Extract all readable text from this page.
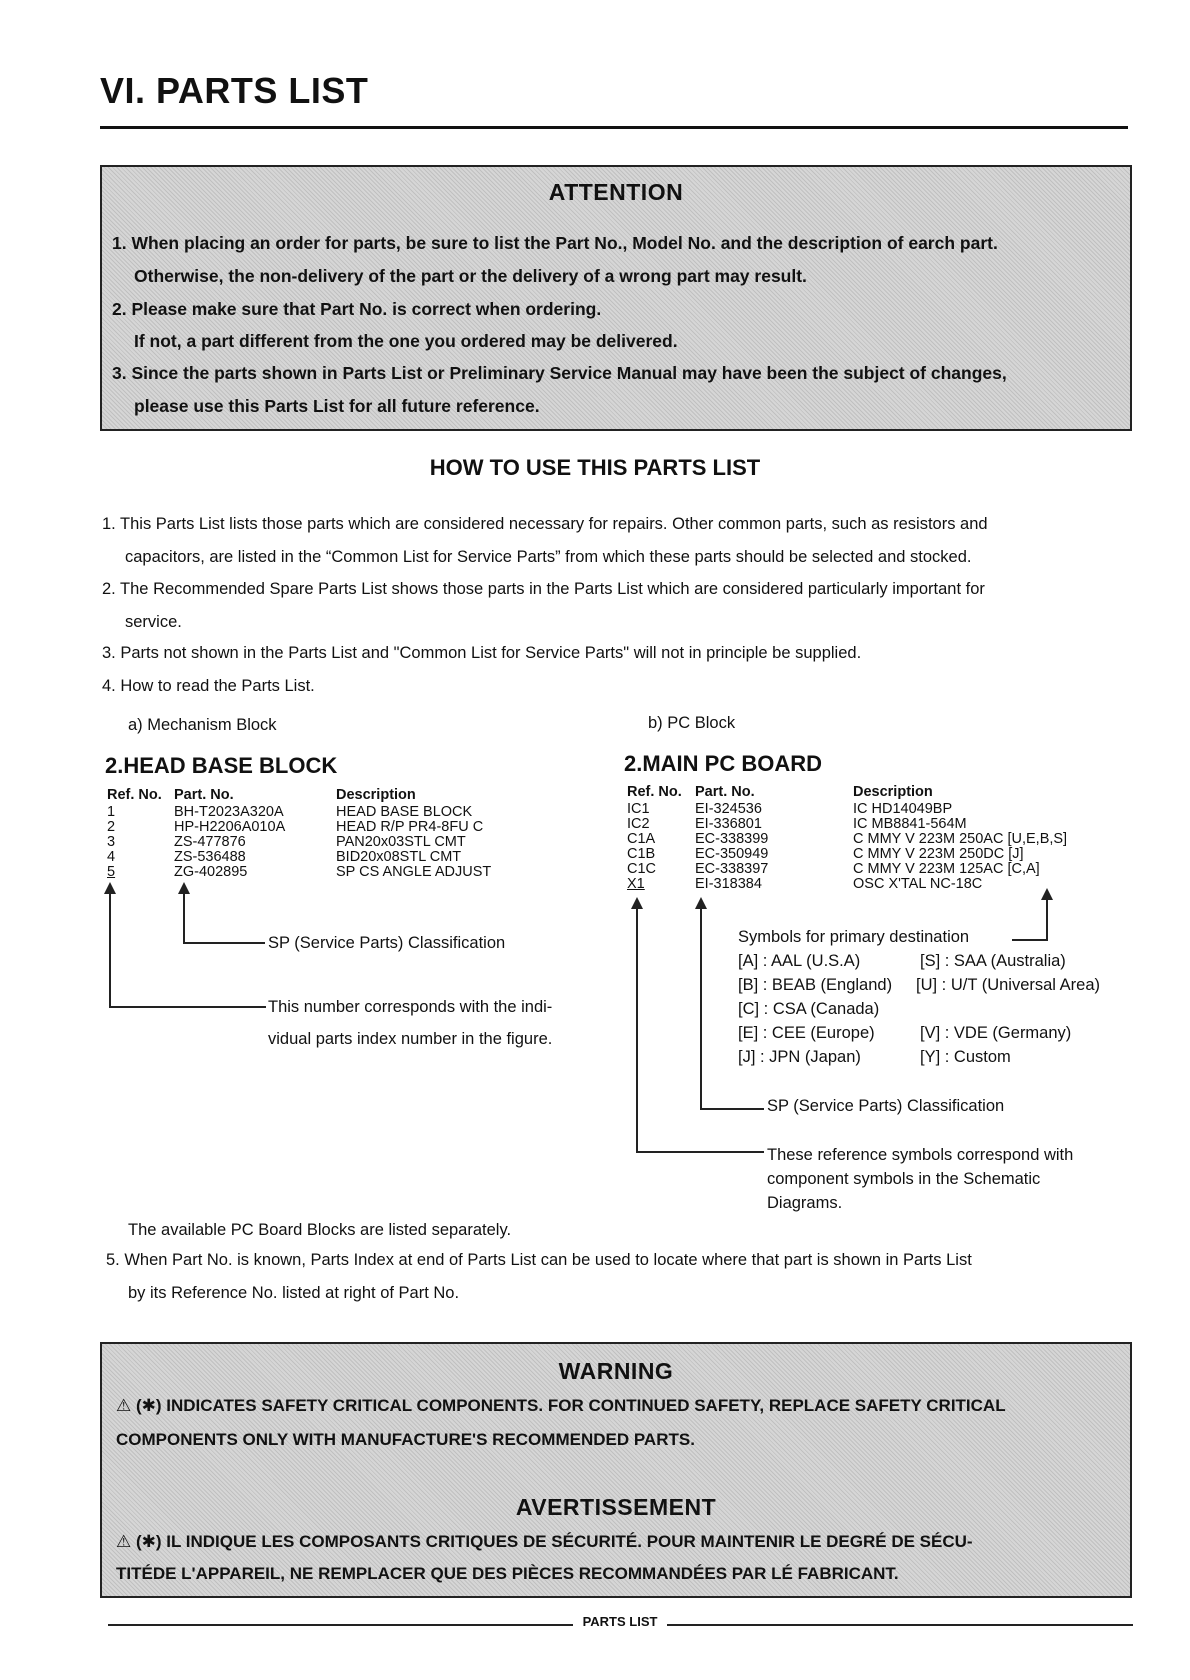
VI. PARTS LIST
ATTENTION
1. When placing an order for parts, be sure to list the Part No., Model No. and the description of earch part.
Otherwise, the non-delivery of the part or the delivery of a wrong part may result.
2. Please make sure that Part No. is correct when ordering.
If not, a part different from the one you ordered may be delivered.
3. Since the parts shown in Parts List or Preliminary Service Manual may have been the subject of changes,
please use this Parts List for all future reference.
HOW TO USE THIS PARTS LIST
1. This Parts List lists those parts which are considered necessary for repairs. Other common parts, such as resistors and
capacitors, are listed in the “Common List for Service Parts” from which these parts should be selected and stocked.
2. The Recommended Spare Parts List shows those parts in the Parts List which are considered particularly important for
service.
3. Parts not shown in the Parts List and "Common List for Service Parts" will not in principle be supplied.
4. How to read the Parts List.
a) Mechanism Block	b) PC Block
2.HEAD BASE BLOCK
Ref. No. Part. No.	Description
1	BH-T2023A320A	HEAD BASE BLOCK
2	HP-H2206A010A	HEAD R/P PR4-8FU C
3	ZS-477876	PAN20x03STL CMT
4	ZS-536488	BID20x08STL CMT
5	ZG-402895	SP CS ANGLE ADJUST
SP (Service Parts) Classification
This number corresponds with the indi-
vidual parts index number in the figure.
2.MAIN PC BOARD
Ref. No. Part. No.	Description
IC1	EI-324536	IC HD14049BP
IC2	EI-336801	IC MB8841-564M
C1A	EC-338399	C MMY V 223M 250AC [U,E,B,S]
C1B	EC-350949	C MMY V 223M 250DC [J]
C1C	EC-338397	C MMY V 223M 125AC [C,A]
X1	EI-318384	OSC X'TAL NC-18C
Symbols for primary destination
[A] : AAL (U.S.A)	[S] : SAA (Australia)
[B] : BEAB (England) [U] : U/T (Universal Area)
[C] : CSA (Canada)
[E] : CEE (Europe)	[V] : VDE (Germany)
[J] : JPN (Japan)	[Y] : Custom
SP (Service Parts) Classification
These reference symbols correspond with
component symbols in the Schematic
Diagrams.
The available PC Board Blocks are listed separately.
5. When Part No. is known, Parts Index at end of Parts List can be used to locate where that part is shown in Parts List
by its Reference No. listed at right of Part No.
WARNING
⚠ (✱) INDICATES SAFETY CRITICAL COMPONENTS. FOR CONTINUED SAFETY, REPLACE SAFETY CRITICAL
COMPONENTS ONLY WITH MANUFACTURE'S RECOMMENDED PARTS.
AVERTISSEMENT
⚠ (✱) IL INDIQUE LES COMPOSANTS CRITIQUES DE SÉCURITÉ. POUR MAINTENIR LE DEGRÉ DE SÉCU-
TITÉDE L'APPAREIL, NE REMPLACER QUE DES PIÈCES RECOMMANDÉES PAR LÉ FABRICANT.
PARTS LIST
